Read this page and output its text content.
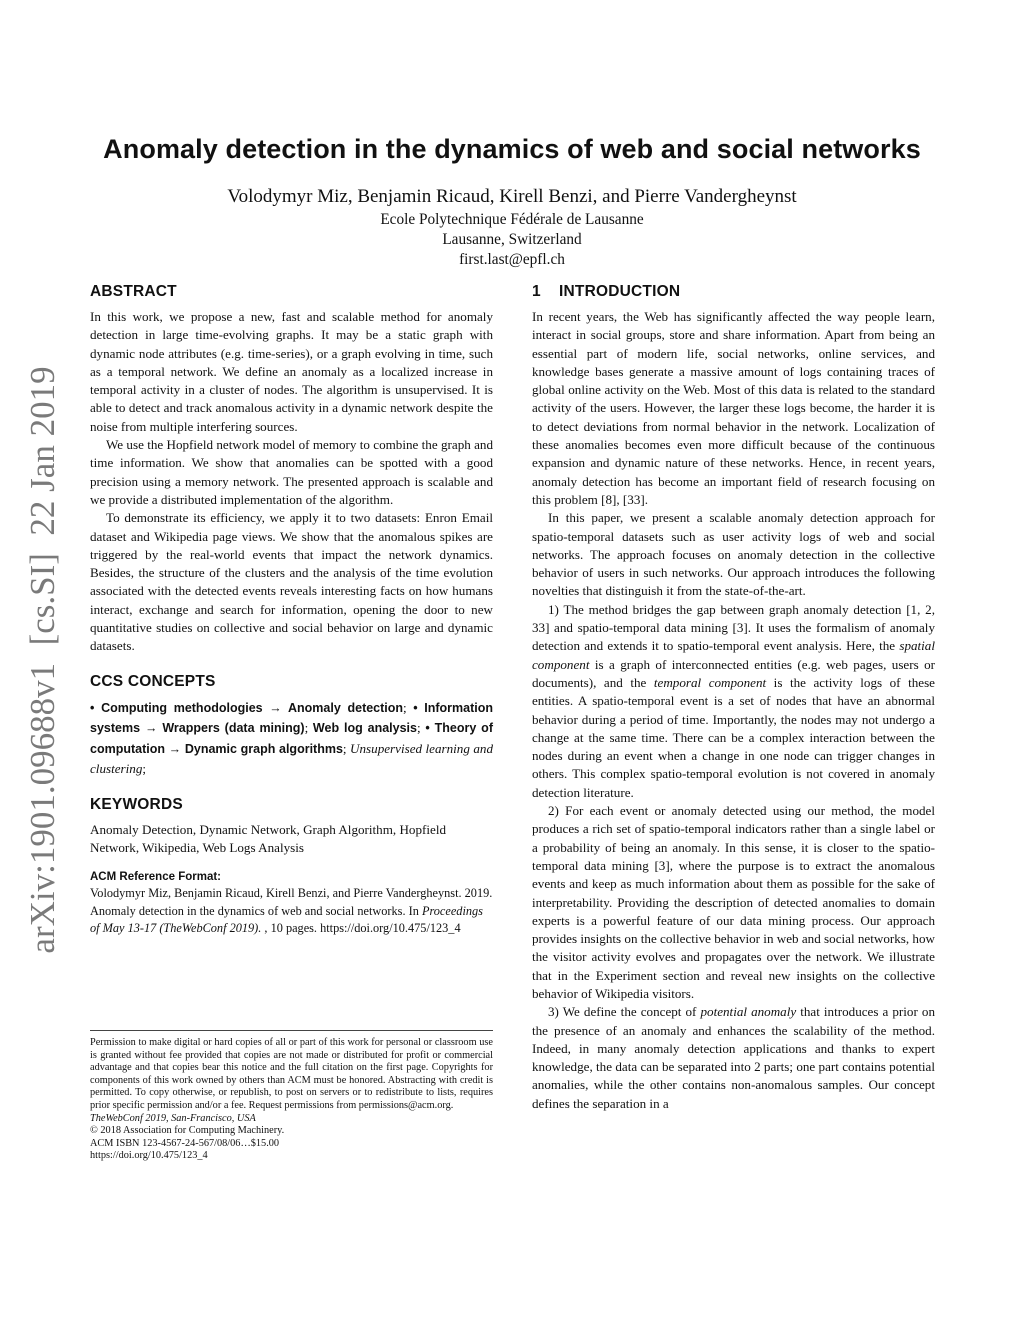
Anomaly detection in the dynamics of web and social networks
Volodymyr Miz, Benjamin Ricaud, Kirell Benzi, and Pierre Vandergheynst
Ecole Polytechnique Fédérale de Lausanne
Lausanne, Switzerland
first.last@epfl.ch
arXiv:1901.09688v1  [cs.SI]  22 Jan 2019
ABSTRACT

In this work, we propose a new, fast and scalable method for anomaly detection in large time-evolving graphs. It may be a static graph with dynamic node attributes (e.g. time-series), or a graph evolving in time, such as a temporal network. We define an anomaly as a localized increase in temporal activity in a cluster of nodes. The algorithm is unsupervised. It is able to detect and track anomalous activity in a dynamic network despite the noise from multiple interfering sources.

We use the Hopfield network model of memory to combine the graph and time information. We show that anomalies can be spotted with a good precision using a memory network. The presented approach is scalable and we provide a distributed implementation of the algorithm.

To demonstrate its efficiency, we apply it to two datasets: Enron Email dataset and Wikipedia page views. We show that the anomalous spikes are triggered by the real-world events that impact the network dynamics. Besides, the structure of the clusters and the analysis of the time evolution associated with the detected events reveals interesting facts on how humans interact, exchange and search for information, opening the door to new quantitative studies on collective and social behavior on large and dynamic datasets.

CCS CONCEPTS

• Computing methodologies → Anomaly detection; • Information systems → Wrappers (data mining); Web log analysis; • Theory of computation → Dynamic graph algorithms; Unsupervised learning and clustering;

KEYWORDS

Anomaly Detection, Dynamic Network, Graph Algorithm, Hopfield Network, Wikipedia, Web Logs Analysis

ACM Reference Format:

Volodymyr Miz, Benjamin Ricaud, Kirell Benzi, and Pierre Vandergheynst. 2019. Anomaly detection in the dynamics of web and social networks. In Proceedings of May 13-17 (TheWebConf 2019). , 10 pages. https://doi.org/10.475/123_4

Permission to make digital or hard copies of all or part of this work for personal or classroom use is granted without fee provided that copies are not made or distributed for profit or commercial advantage and that copies bear this notice and the full citation on the first page. Copyrights for components of this work owned by others than ACM must be honored. Abstracting with credit is permitted. To copy otherwise, or republish, to post on servers or to redistribute to lists, requires prior specific permission and/or a fee. Request permissions from permissions@acm.org.
TheWebConf 2019, San-Francisco, USA
© 2018 Association for Computing Machinery.
ACM ISBN 123-4567-24-567/08/06…$15.00
https://doi.org/10.475/123_4
1 INTRODUCTION

In recent years, the Web has significantly affected the way people learn, interact in social groups, store and share information. Apart from being an essential part of modern life, social networks, online services, and knowledge bases generate a massive amount of logs containing traces of global online activity on the Web. Most of this data is related to the standard activity of the users. However, the larger these logs become, the harder it is to detect deviations from normal behavior in the network. Localization of these anomalies becomes even more difficult because of the continuous expansion and dynamic nature of these networks. Hence, in recent years, anomaly detection has become an important field of research focusing on this problem [8], [33].

In this paper, we present a scalable anomaly detection approach for spatio-temporal datasets such as user activity logs of web and social networks. The approach focuses on anomaly detection in the collective behavior of users in such networks. Our approach introduces the following novelties that distinguish it from the state-of-the-art.

1) The method bridges the gap between graph anomaly detection [1, 2, 33] and spatio-temporal data mining [3]. It uses the formalism of anomaly detection and extends it to spatio-temporal event analysis. Here, the spatial component is a graph of interconnected entities (e.g. web pages, users or documents), and the temporal component is the activity logs of these entities. A spatio-temporal event is a set of nodes that have an abnormal behavior during a period of time. Importantly, the nodes may not undergo a change at the same time. There can be a complex interaction between the nodes during an event when a change in one node can trigger changes in others. This complex spatio-temporal evolution is not covered in anomaly detection literature.

2) For each event or anomaly detected using our method, the model produces a rich set of spatio-temporal indicators rather than a single label or a probability of being an anomaly. In this sense, it is closer to the spatio-temporal data mining [3], where the purpose is to extract the anomalous events and keep as much information about them as possible for the sake of interpretability. Providing the description of detected anomalies to domain experts is a powerful feature of our data mining process. Our approach provides insights on the collective behavior in web and social networks, how the visitor activity evolves and propagates over the network. We illustrate that in the Experiment section and reveal new insights on the collective behavior of Wikipedia visitors.

3) We define the concept of potential anomaly that introduces a prior on the presence of an anomaly and enhances the scalability of the method. Indeed, in many anomaly detection applications and thanks to expert knowledge, the data can be separated into 2 parts; one part contains potential anomalies, while the other contains non-anomalous samples. Our concept defines the separation in a
